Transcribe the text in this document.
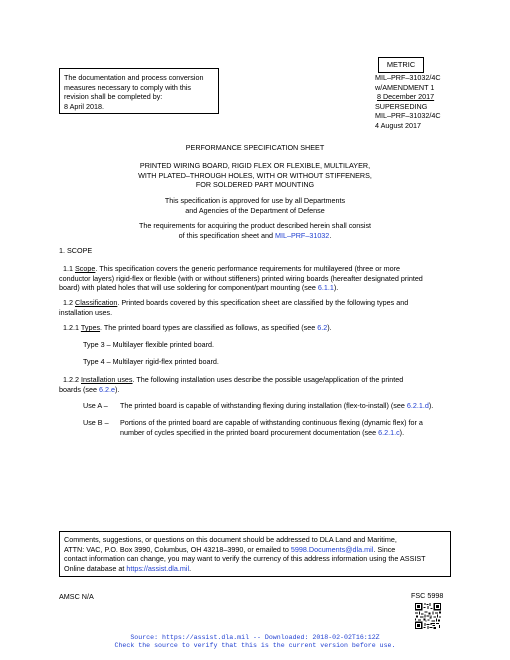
METRIC
The documentation and process conversion
measures necessary to comply with this
revision shall be completed by:
8 April 2018.
MIL–PRF–31032/4C
w/AMENDMENT 1
8 December 2017
SUPERSEDING
MIL–PRF–31032/4C
4 August 2017
PERFORMANCE SPECIFICATION SHEET
PRINTED WIRING BOARD, RIGID FLEX OR FLEXIBLE, MULTILAYER,
WITH PLATED–THROUGH HOLES, WITH OR WITHOUT STIFFENERS,
FOR SOLDERED PART MOUNTING
This specification is approved for use by all Departments
and Agencies of the Department of Defense
The requirements for acquiring the product described herein shall consist
of this specification sheet and MIL–PRF–31032.
1. SCOPE
1.1 Scope. This specification covers the generic performance requirements for multilayered (three or more
conductor layers) rigid-flex or flexible (with or without stiffeners) printed wiring boards (hereafter designated printed
board) with plated holes that will use soldering for component/part mounting (see 6.1.1).
1.2 Classification. Printed boards covered by this specification sheet are classified by the following types and
installation uses.
1.2.1 Types. The printed board types are classified as follows, as specified (see 6.2).
Type 3 – Multilayer flexible printed board.
Type 4 – Multilayer rigid-flex printed board.
1.2.2 Installation uses. The following installation uses describe the possible usage/application of the printed
boards (see 6.2.e).
Use A –	The printed board is capable of withstanding flexing during installation (flex-to-install) (see 6.2.1.d).
Use B –	Portions of the printed board are capable of withstanding continuous flexing (dynamic flex) for a
number of cycles specified in the printed board procurement documentation (see 6.2.1.c).
Comments, suggestions, or questions on this document should be addressed to DLA Land and Maritime,
ATTN: VAC, P.O. Box 3990, Columbus, OH 43218–3990, or emailed to 5998.Documents@dla.mil. Since
contact information can change, you may want to verify the currency of this address information using the ASSIST
Online database at https://assist.dla.mil.
AMSC N/A	FSC 5998
Source: https://assist.dla.mil -- Downloaded: 2018-02-02T16:12Z
Check the source to verify that this is the current version before use.
